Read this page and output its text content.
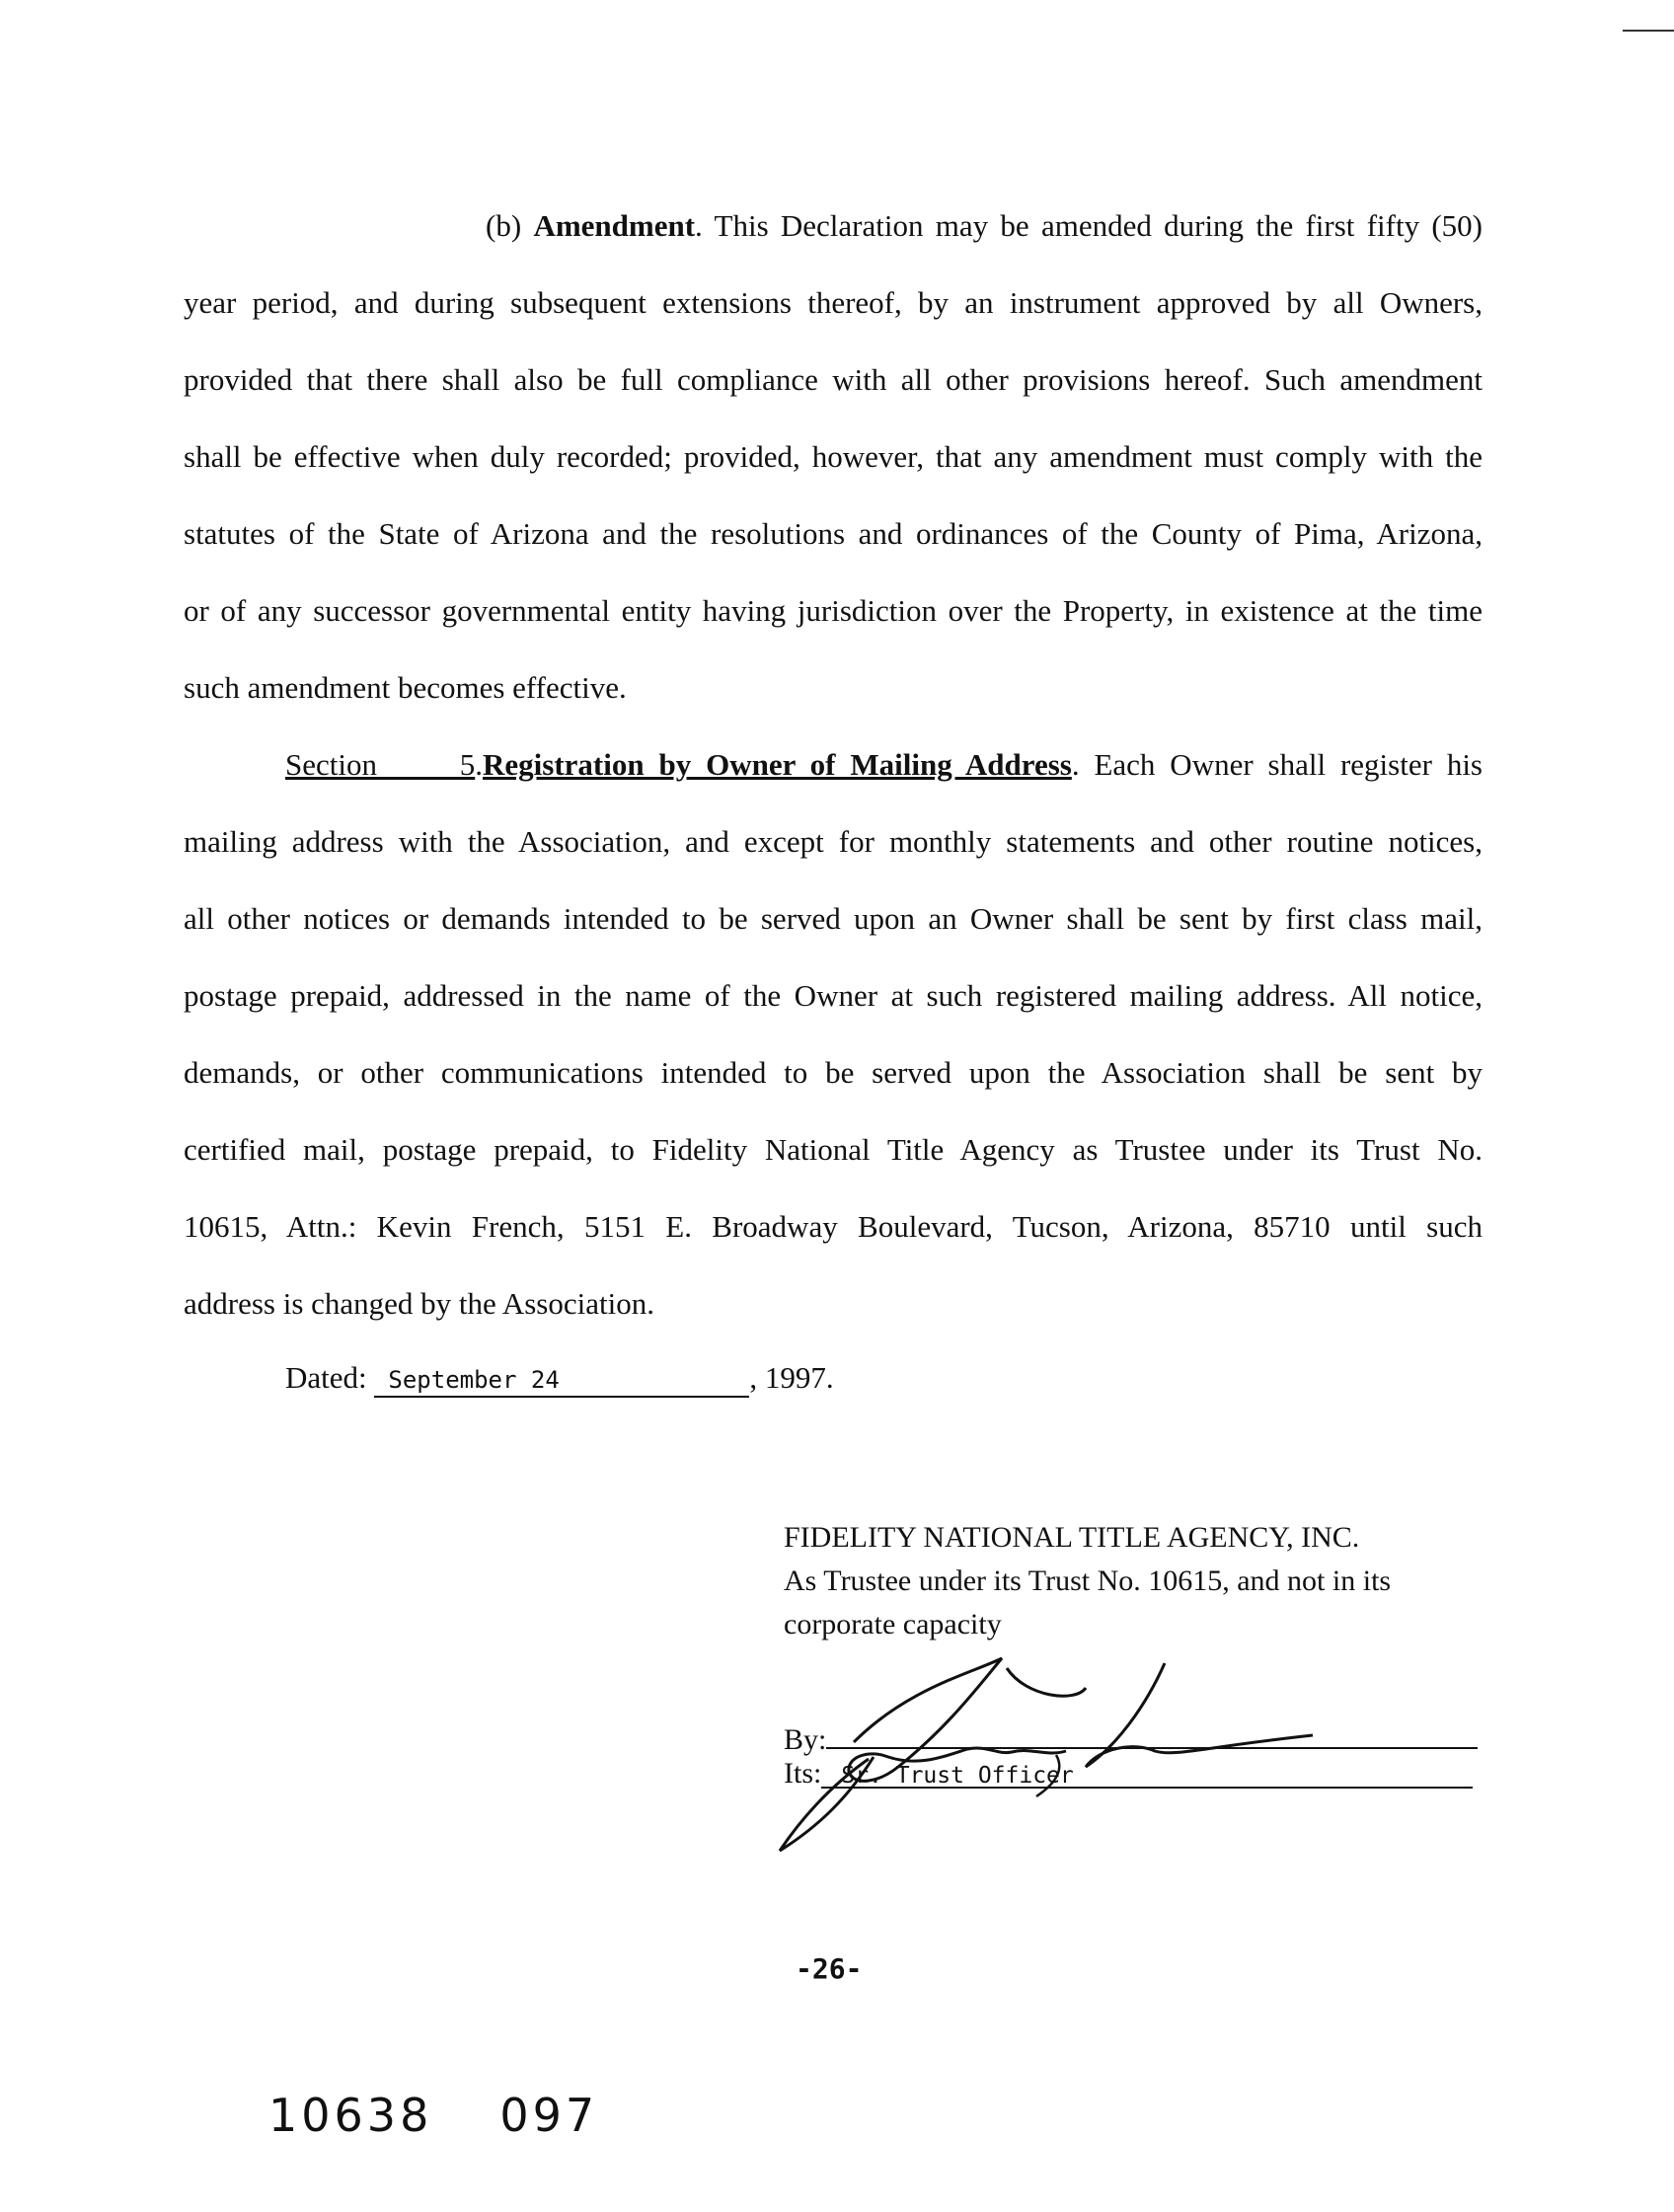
(b) Amendment. This Declaration may be amended during the first fifty (50)
year period, and during subsequent extensions thereof, by an instrument approved by all Owners,
provided that there shall also be full compliance with all other provisions hereof. Such amendment
shall be effective when duly recorded; provided, however, that any amendment must comply with the
statutes of the State of Arizona and the resolutions and ordinances of the County of Pima, Arizona,
or of any successor governmental entity having jurisdiction over the Property, in existence at the time
such amendment becomes effective.
Section 5.Registration by Owner of Mailing Address. Each Owner shall register his
mailing address with the Association, and except for monthly statements and other routine notices,
all other notices or demands intended to be served upon an Owner shall be sent by first class mail,
postage prepaid, addressed in the name of the Owner at such registered mailing address. All notice,
demands, or other communications intended to be served upon the Association shall be sent by
certified mail, postage prepaid, to Fidelity National Title Agency as Trustee under its Trust No.
10615, Attn.: Kevin French, 5151 E. Broadway Boulevard, Tucson, Arizona, 85710 until such
address is changed by the Association.
Dated: September 24	, 1997.
FIDELITY NATIONAL TITLE AGENCY, INC.
As Trustee under its Trust No. 10615, and not in its
corporate capacity
By:
Its: Sr. Trust Officer
-26-
10638 097
